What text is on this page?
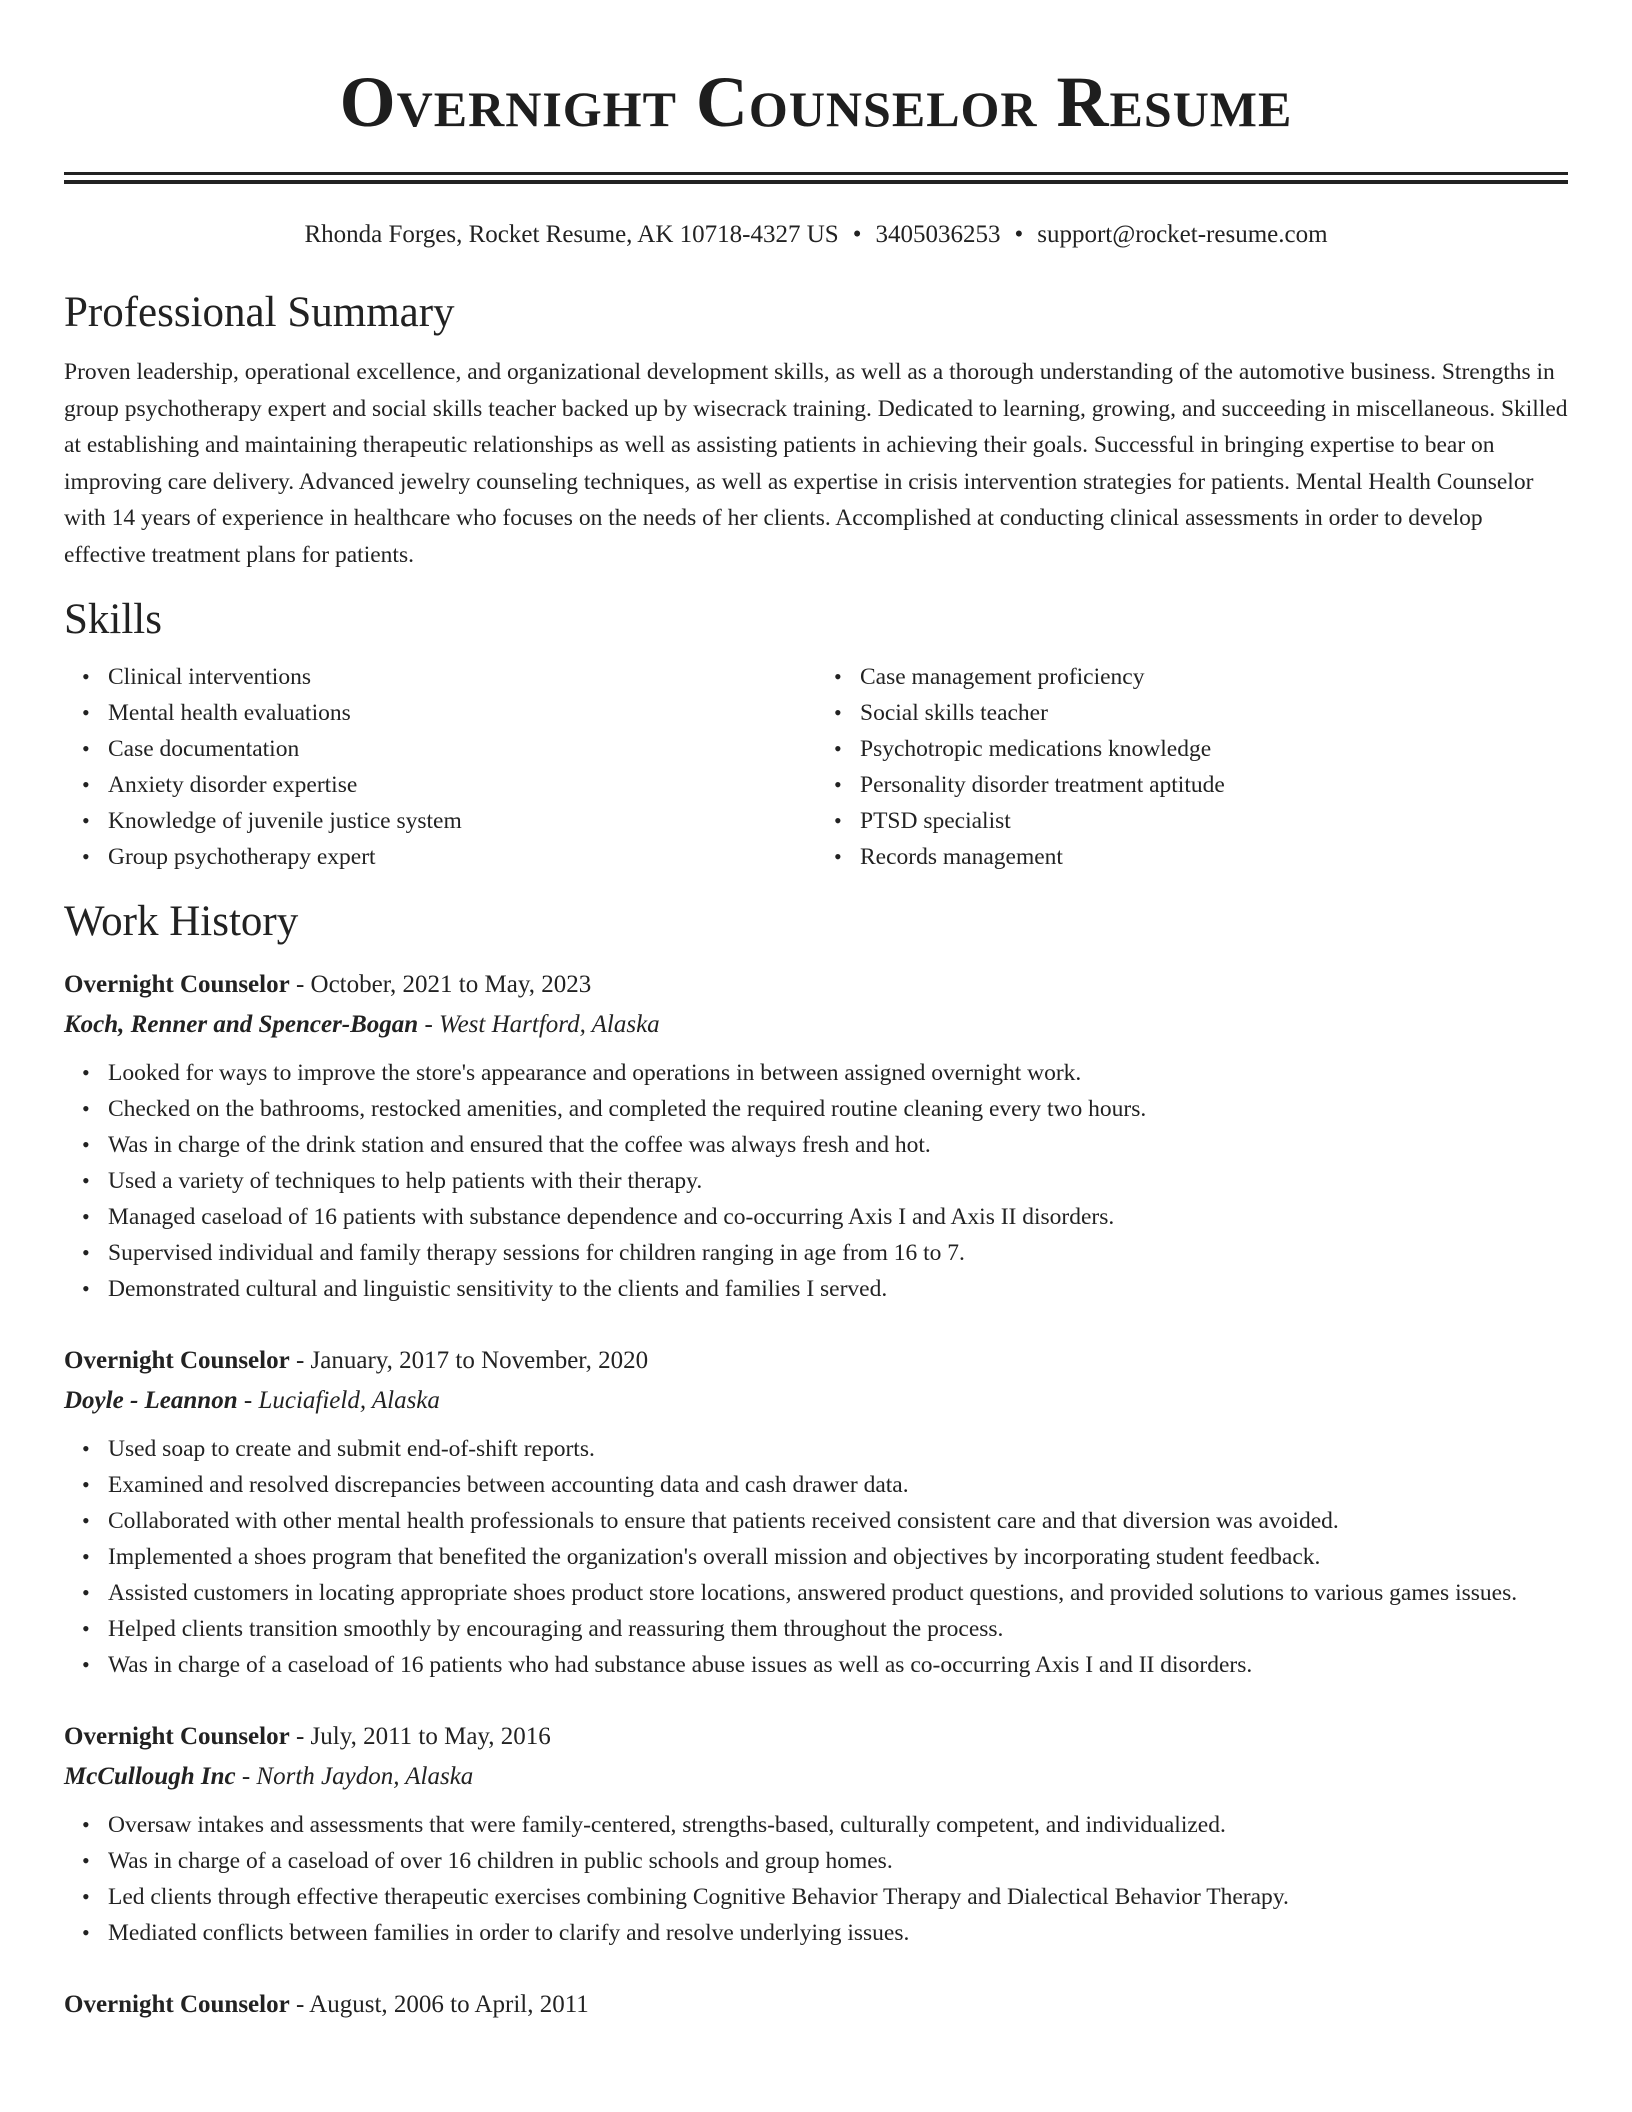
Overnight Counselor Resume
Rhonda Forges, Rocket Resume, AK 10718-4327 US • 3405036253 • support@rocket-resume.com
Professional Summary

Proven leadership, operational excellence, and organizational development skills, as well as a thorough understanding of the automotive business. Strengths in group psychotherapy expert and social skills teacher backed up by wisecrack training. Dedicated to learning, growing, and succeeding in miscellaneous. Skilled at establishing and maintaining therapeutic relationships as well as assisting patients in achieving their goals. Successful in bringing expertise to bear on improving care delivery. Advanced jewelry counseling techniques, as well as expertise in crisis intervention strategies for patients. Mental Health Counselor with 14 years of experience in healthcare who focuses on the needs of her clients. Accomplished at conducting clinical assessments in order to develop effective treatment plans for patients.

Skills
• Clinical interventions
• Mental health evaluations
• Case documentation
• Anxiety disorder expertise
• Knowledge of juvenile justice system
• Group psychotherapy expert
• Case management proficiency
• Social skills teacher
• Psychotropic medications knowledge
• Personality disorder treatment aptitude
• PTSD specialist
• Records management
Work History
Overnight Counselor - October, 2021 to May, 2023
Koch, Renner and Spencer-Bogan - West Hartford, Alaska
• Looked for ways to improve the store's appearance and operations in between assigned overnight work.
• Checked on the bathrooms, restocked amenities, and completed the required routine cleaning every two hours.
• Was in charge of the drink station and ensured that the coffee was always fresh and hot.
• Used a variety of techniques to help patients with their therapy.
• Managed caseload of 16 patients with substance dependence and co-occurring Axis I and Axis II disorders.
• Supervised individual and family therapy sessions for children ranging in age from 16 to 7.
• Demonstrated cultural and linguistic sensitivity to the clients and families I served.
Overnight Counselor - January, 2017 to November, 2020
Doyle - Leannon - Luciafield, Alaska
• Used soap to create and submit end-of-shift reports.
• Examined and resolved discrepancies between accounting data and cash drawer data.
• Collaborated with other mental health professionals to ensure that patients received consistent care and that diversion was avoided.
• Implemented a shoes program that benefited the organization's overall mission and objectives by incorporating student feedback.
• Assisted customers in locating appropriate shoes product store locations, answered product questions, and provided solutions to various games issues.
• Helped clients transition smoothly by encouraging and reassuring them throughout the process.
• Was in charge of a caseload of 16 patients who had substance abuse issues as well as co-occurring Axis I and II disorders.
Overnight Counselor - July, 2011 to May, 2016
McCullough Inc - North Jaydon, Alaska
• Oversaw intakes and assessments that were family-centered, strengths-based, culturally competent, and individualized.
• Was in charge of a caseload of over 16 children in public schools and group homes.
• Led clients through effective therapeutic exercises combining Cognitive Behavior Therapy and Dialectical Behavior Therapy.
• Mediated conflicts between families in order to clarify and resolve underlying issues.
Overnight Counselor - August, 2006 to April, 2011
